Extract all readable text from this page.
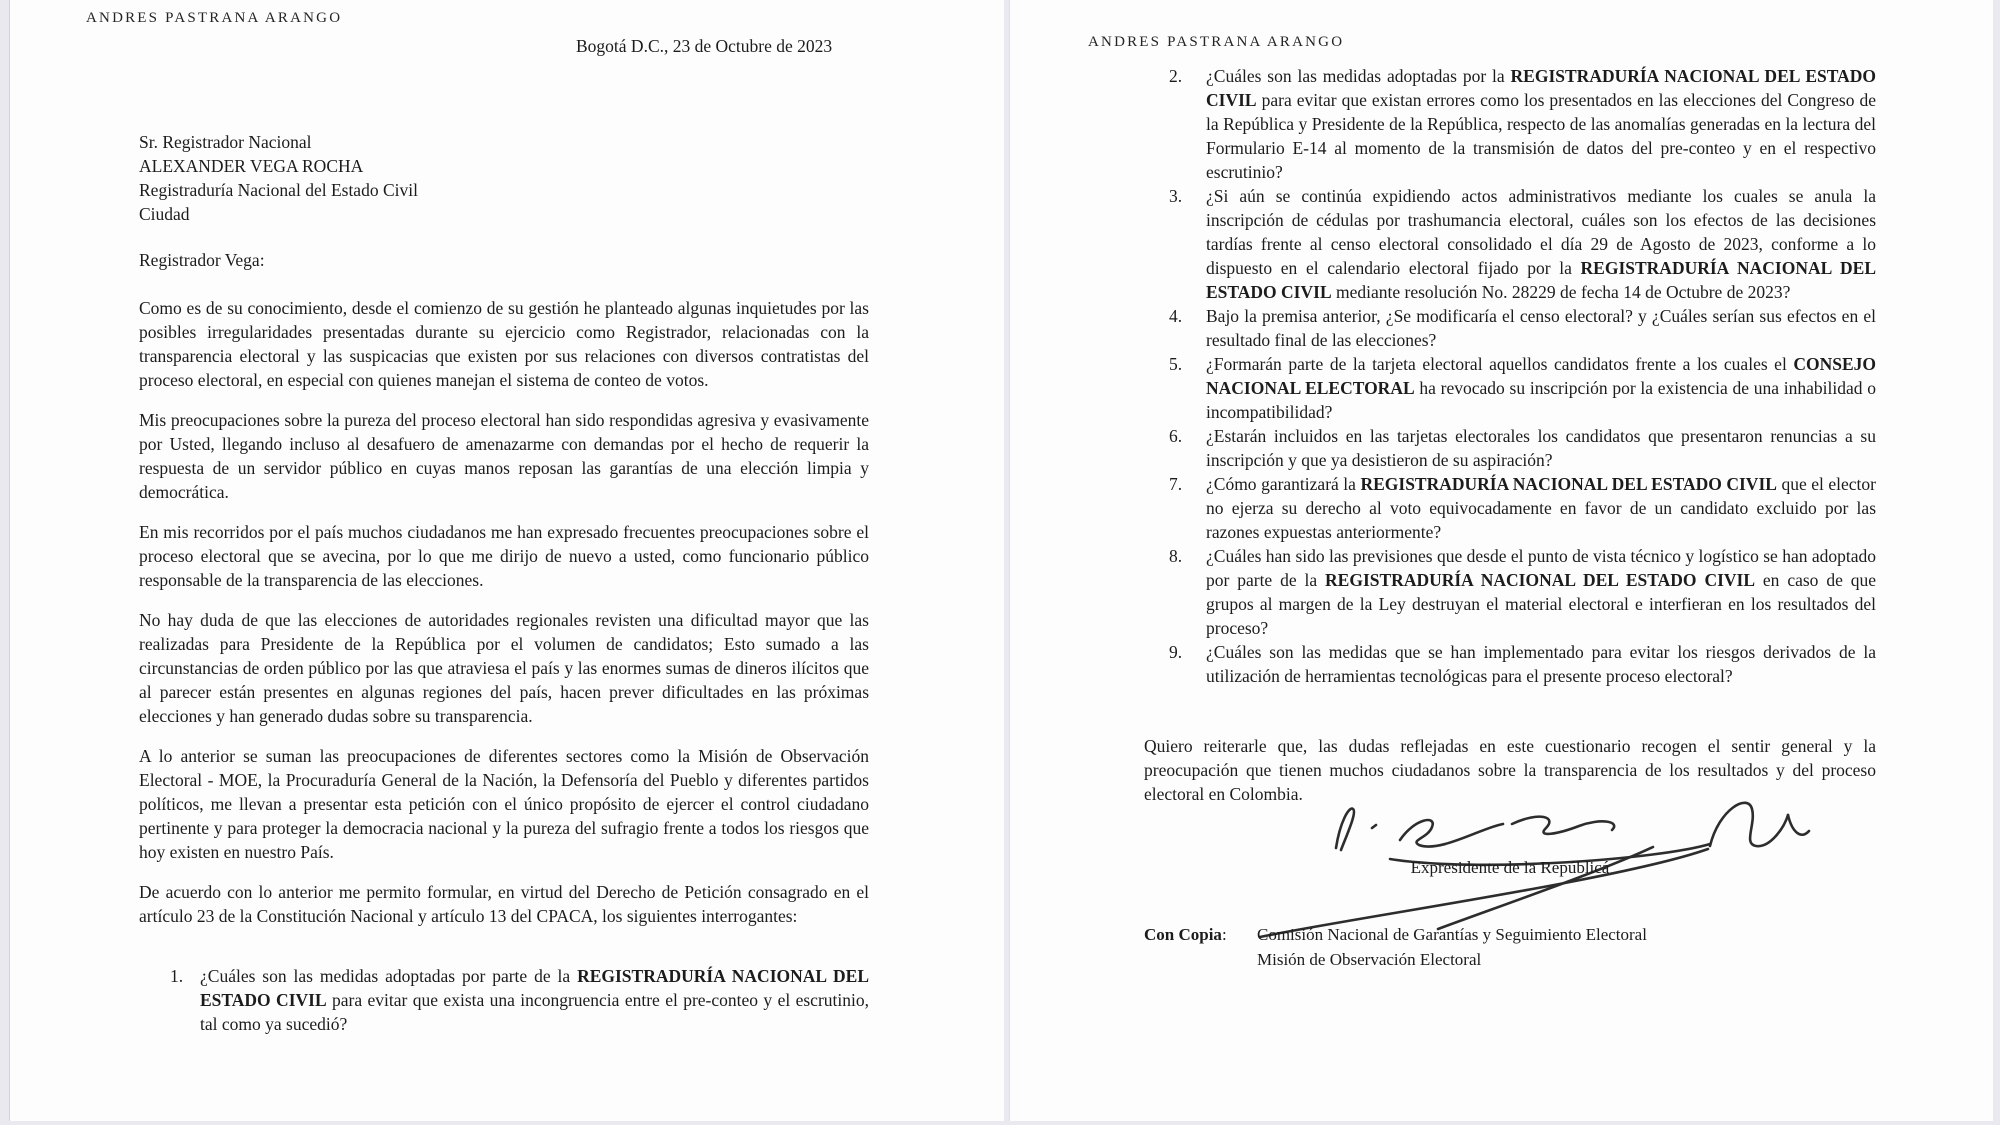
ANDRES PASTRANA ARANGO
Bogotá D.C., 23 de Octubre de 2023
Sr. Registrador Nacional
ALEXANDER VEGA ROCHA
Registraduría Nacional del Estado Civil
Ciudad
Registrador Vega:
Como es de su conocimiento, desde el comienzo de su gestión he planteado algunas inquietudes por las posibles irregularidades presentadas durante su ejercicio como Registrador, relacionadas con la transparencia electoral y las suspicacias que existen por sus relaciones con diversos contratistas del proceso electoral, en especial con quienes manejan el sistema de conteo de votos.
Mis preocupaciones sobre la pureza del proceso electoral han sido respondidas agresiva y evasivamente por Usted, llegando incluso al desafuero de amenazarme con demandas por el hecho de requerir la respuesta de un servidor público en cuyas manos reposan las garantías de una elección limpia y democrática.
En mis recorridos por el país muchos ciudadanos me han expresado frecuentes preocupaciones sobre el proceso electoral que se avecina, por lo que me dirijo de nuevo a usted, como funcionario público responsable de la transparencia de las elecciones.
No hay duda de que las elecciones de autoridades regionales revisten una dificultad mayor que las realizadas para Presidente de la República por el volumen de candidatos; Esto sumado a las circunstancias de orden público por las que atraviesa el país y las enormes sumas de dineros ilícitos que al parecer están presentes en algunas regiones del país, hacen prever dificultades en las próximas elecciones y han generado dudas sobre su transparencia.
A lo anterior se suman las preocupaciones de diferentes sectores como la Misión de Observación Electoral - MOE, la Procuraduría General de la Nación, la Defensoría del Pueblo y diferentes partidos políticos, me llevan a presentar esta petición con el único propósito de ejercer el control ciudadano pertinente y para proteger la democracia nacional y la pureza del sufragio frente a todos los riesgos que hoy existen en nuestro País.
De acuerdo con lo anterior me permito formular, en virtud del Derecho de Petición consagrado en el artículo 23 de la Constitución Nacional y artículo 13 del CPACA, los siguientes interrogantes:
1. ¿Cuáles son las medidas adoptadas por parte de la REGISTRADURÍA NACIONAL DEL ESTADO CIVIL para evitar que exista una incongruencia entre el pre-conteo y el escrutinio, tal como ya sucedió?
ANDRES PASTRANA ARANGO
2.	¿Cuáles son las medidas adoptadas por la REGISTRADURÍA NACIONAL DEL ESTADO CIVIL para evitar que existan errores como los presentados en las elecciones del Congreso de la República y Presidente de la República, respecto de las anomalías generadas en la lectura del Formulario E-14 al momento de la transmisión de datos del pre-conteo y en el respectivo escrutinio?
3.	¿Si aún se continúa expidiendo actos administrativos mediante los cuales se anula la inscripción de cédulas por trashumancia electoral, cuáles son los efectos de las decisiones tardías frente al censo electoral consolidado el día 29 de Agosto de 2023, conforme a lo dispuesto en el calendario electoral fijado por la REGISTRADURÍA NACIONAL DEL ESTADO CIVIL mediante resolución No. 28229 de fecha 14 de Octubre de 2023?
4.	Bajo la premisa anterior, ¿Se modificaría el censo electoral? y ¿Cuáles serían sus efectos en el resultado final de las elecciones?
5.	¿Formarán parte de la tarjeta electoral aquellos candidatos frente a los cuales el CONSEJO NACIONAL ELECTORAL ha revocado su inscripción por la existencia de una inhabilidad o incompatibilidad?
6.	¿Estarán incluidos en las tarjetas electorales los candidatos que presentaron renuncias a su inscripción y que ya desistieron de su aspiración?
7.	¿Cómo garantizará la REGISTRADURÍA NACIONAL DEL ESTADO CIVIL que el elector no ejerza su derecho al voto equivocadamente en favor de un candidato excluido por las razones expuestas anteriormente?
8.	¿Cuáles han sido las previsiones que desde el punto de vista técnico y logístico se han adoptado por parte de la REGISTRADURÍA NACIONAL DEL ESTADO CIVIL en caso de que grupos al margen de la Ley destruyan el material electoral e interfieran en los resultados del proceso?
9.	¿Cuáles son las medidas que se han implementado para evitar los riesgos derivados de la utilización de herramientas tecnológicas para el presente proceso electoral?
Quiero reiterarle que, las dudas reflejadas en este cuestionario recogen el sentir general y la preocupación que tienen muchos ciudadanos sobre la transparencia de los resultados y del proceso electoral en Colombia.
Expresidente de la Repúblicá
Con Copia:	Comisión Nacional de Garantías y Seguimiento Electoral
Misión de Observación Electoral
